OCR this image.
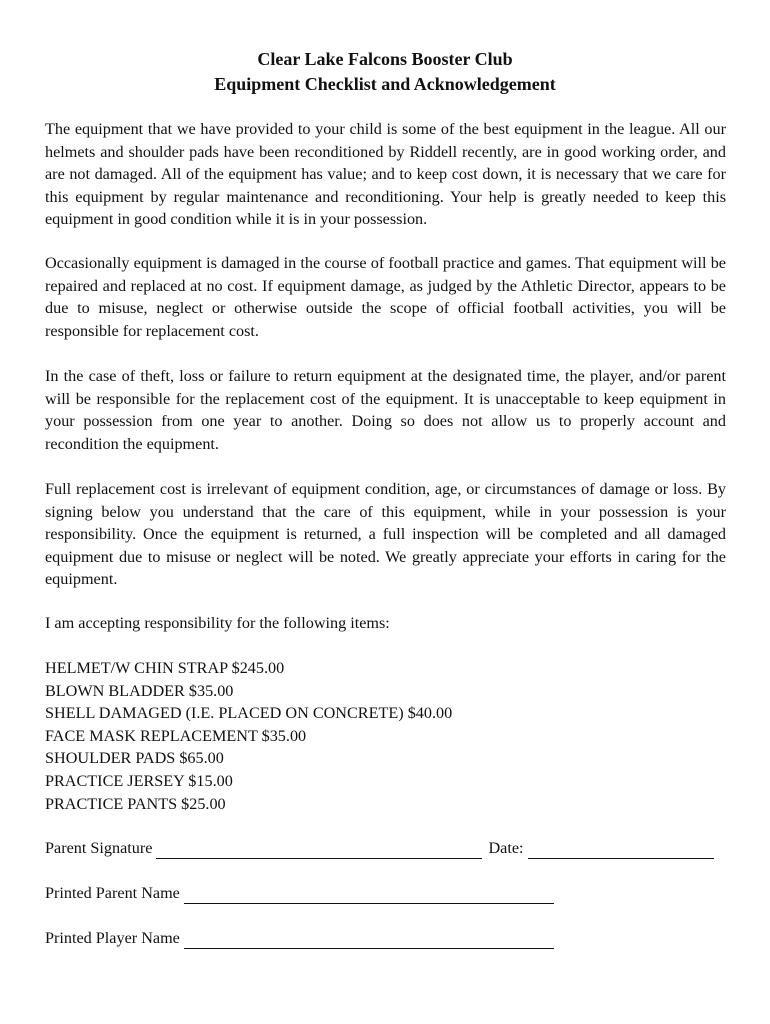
Clear Lake Falcons Booster Club
Equipment Checklist and Acknowledgement

The equipment that we have provided to your child is some of the best equipment in the league. All our helmets and shoulder pads have been reconditioned by Riddell recently, are in good working order, and are not damaged. All of the equipment has value; and to keep cost down, it is necessary that we care for this equipment by regular maintenance and reconditioning. Your help is greatly needed to keep this equipment in good condition while it is in your possession.

Occasionally equipment is damaged in the course of football practice and games. That equipment will be repaired and replaced at no cost. If equipment damage, as judged by the Athletic Director, appears to be due to misuse, neglect or otherwise outside the scope of official football activities, you will be responsible for replacement cost.

In the case of theft, loss or failure to return equipment at the designated time, the player, and/or parent will be responsible for the replacement cost of the equipment. It is unacceptable to keep equipment in your possession from one year to another. Doing so does not allow us to properly account and recondition the equipment.

Full replacement cost is irrelevant of equipment condition, age, or circumstances of damage or loss. By signing below you understand that the care of this equipment, while in your possession is your responsibility. Once the equipment is returned, a full inspection will be completed and all damaged equipment due to misuse or neglect will be noted. We greatly appreciate your efforts in caring for the equipment.

I am accepting responsibility for the following items:

HELMET/W CHIN STRAP $245.00
BLOWN BLADDER $35.00
SHELL DAMAGED (I.E. PLACED ON CONCRETE) $40.00
FACE MASK REPLACEMENT $35.00
SHOULDER PADS $65.00
PRACTICE JERSEY $15.00
PRACTICE PANTS $25.00
Parent Signature	Date:
Printed Parent Name
Printed Player Name
